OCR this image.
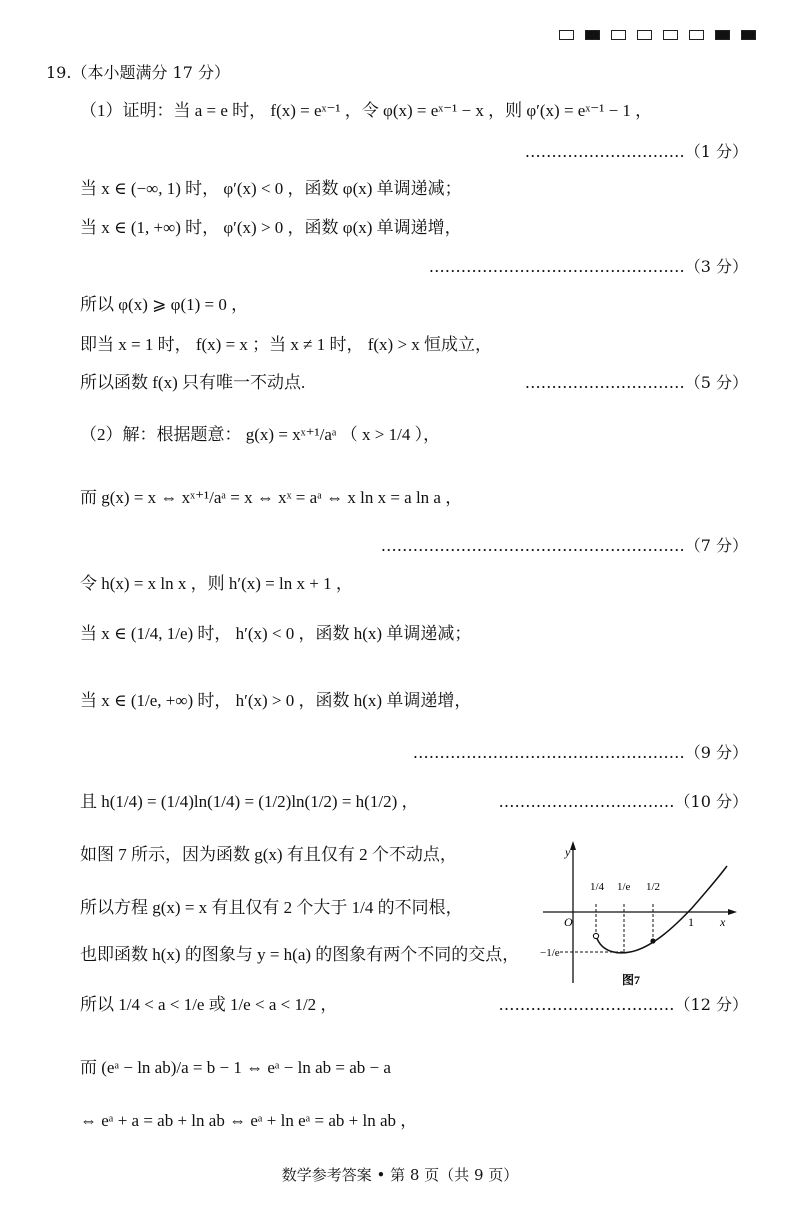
19.（本小题满分 17 分）
（1）证明：当 a = e 时， f(x) = eˣ⁻¹ ，令 φ(x) = eˣ⁻¹ − x ，则 φ′(x) = eˣ⁻¹ − 1 ，
…………………………（1 分）
当 x ∈ (−∞, 1) 时， φ′(x) < 0 ，函数 φ(x) 单调递减；
当 x ∈ (1, +∞) 时， φ′(x) > 0 ，函数 φ(x) 单调递增，
…………………………………………（3 分）
所以 φ(x) ⩾ φ(1) = 0 ，
即当 x = 1 时， f(x) = x ；当 x ≠ 1 时， f(x) > x 恒成立，
所以函数 f(x) 只有唯一不动点.	…………………………（5 分）
（2）解：根据题意： g(x) = xˣ⁺¹/aᵃ （ x > 1/4 ），
而 g(x) = x ⇔ xˣ⁺¹/aᵃ = x ⇔ xˣ = aᵃ ⇔ x ln x = a ln a ，
…………………………………………………（7 分）
令 h(x) = x ln x ，则 h′(x) = ln x + 1 ，
当 x ∈ (1/4, 1/e) 时， h′(x) < 0 ，函数 h(x) 单调递减；
当 x ∈ (1/e, +∞) 时， h′(x) > 0 ，函数 h(x) 单调递增，
……………………………………………（9 分）
且 h(1/4) = (1/4)ln(1/4) = (1/2)ln(1/2) = h(1/2) ，	……………………………（10 分）
如图 7 所示，因为函数 g(x) 有且仅有 2 个不动点，
所以方程 g(x) = x 有且仅有 2 个大于 1/4 的不同根，
也即函数 h(x) 的图象与 y = h(a) 的图象有两个不同的交点，
所以 1/4 < a < 1/e 或 1/e < a < 1/2 ，	……………………………（12 分）
而 (eᵃ − ln ab)/a = b − 1 ⇔ eᵃ − ln ab = ab − a
⇔ eᵃ + a = ab + ln ab ⇔ eᵃ + ln eᵃ = ab + ln ab ，
y
x
O
1/4 1/e 1/2
1
−1/e
图7
数学参考答案 • 第 8 页（共 9 页）
